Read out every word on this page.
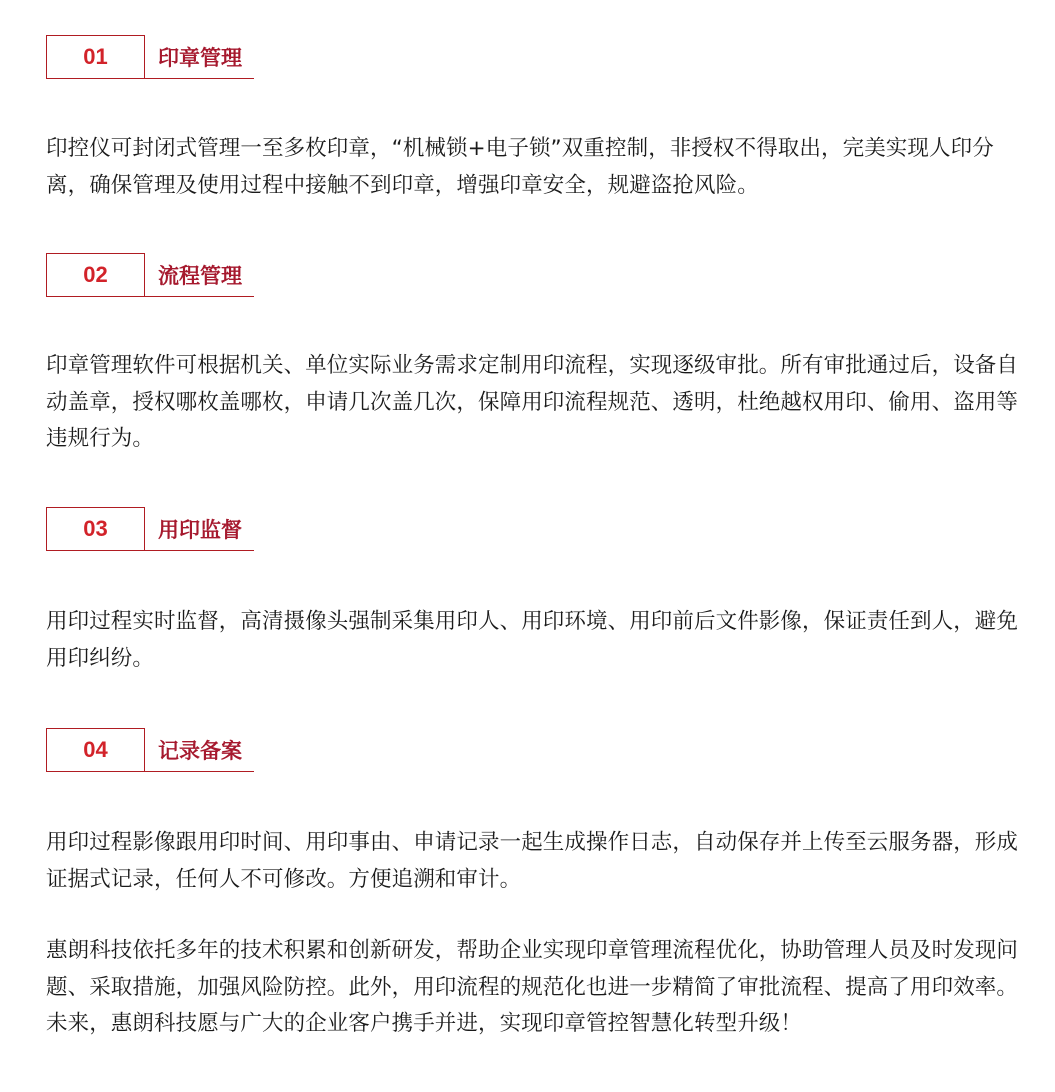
01	印章管理

印控仪可封闭式管理一至多枚印章，“机械锁+电子锁”双重控制，非授权不得取出，完美实现人印分离，确保管理及使用过程中接触不到印章，增强印章安全，规避盗抢风险。

02	流程管理

印章管理软件可根据机关、单位实际业务需求定制用印流程，实现逐级审批。所有审批通过后，设备自动盖章，授权哪枚盖哪枚，申请几次盖几次，保障用印流程规范、透明，杜绝越权用印、偷用、盗用等违规行为。

03	用印监督

用印过程实时监督，高清摄像头强制采集用印人、用印环境、用印前后文件影像，保证责任到人，避免用印纠纷。

04	记录备案

用印过程影像跟用印时间、用印事由、申请记录一起生成操作日志，自动保存并上传至云服务器，形成证据式记录，任何人不可修改。方便追溯和审计。

惠朗科技依托多年的技术积累和创新研发，帮助企业实现印章管理流程优化，协助管理人员及时发现问题、采取措施，加强风险防控。此外，用印流程的规范化也进一步精简了审批流程、提高了用印效率。未来，惠朗科技愿与广大的企业客户携手并进，实现印章管控智慧化转型升级！
